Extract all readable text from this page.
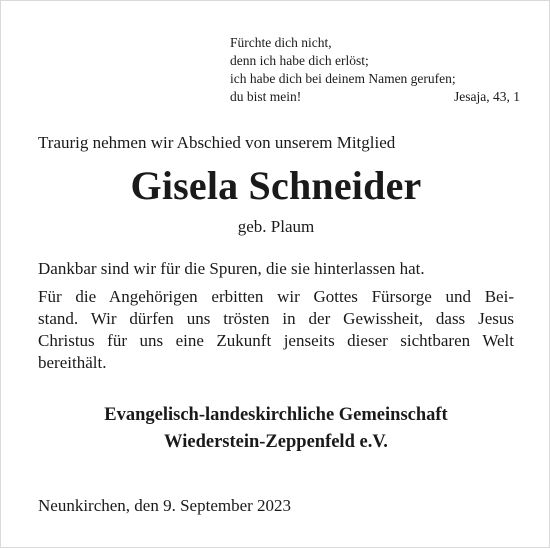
Fürchte dich nicht,
denn ich habe dich erlöst;
ich habe dich bei deinem Namen gerufen;
du bist mein!	Jesaja, 43, 1
Traurig nehmen wir Abschied von unserem Mitglied
Gisela Schneider
geb. Plaum
Dankbar sind wir für die Spuren, die sie hinterlassen hat.
Für die Angehörigen erbitten wir Gottes Fürsorge und Bei-
stand. Wir dürfen uns trösten in der Gewissheit, dass Jesus
Christus für uns eine Zukunft jenseits dieser sichtbaren Welt
bereithält.
Evangelisch-landeskirchliche Gemeinschaft
Wiederstein-Zeppenfeld e.V.
Neunkirchen, den 9. September 2023
